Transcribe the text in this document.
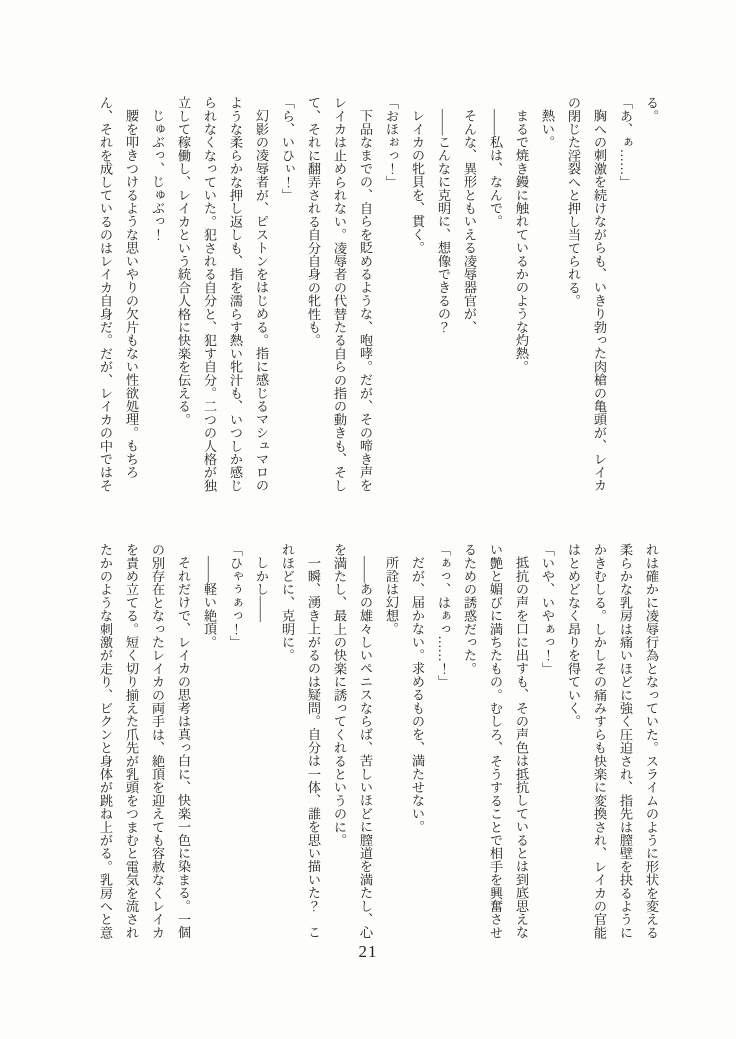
る。

「あ、ぁ……」

胸への刺激を続けながらも、いきり勃った肉槍の亀頭が、レイカ

の閉じた淫裂へと押し当てられる。

熱い。

まるで焼き鏝に触れているかのような灼熱。

――私は、なんで。

そんな、異形ともいえる凌辱器官が、

――こんなに克明に、想像できるの？

レイカの牝貝を、貫く。

「おほぉっ！」

下品なまでの、自らを貶めるような、咆哮。だが、その啼き声を

レイカは止められない。凌辱者の代替たる自らの指の動きも、そし

て、それに翻弄される自分自身の牝性も。

「ら、いひぃ！」

幻影の凌辱者が、ピストンをはじめる。指に感じるマシュマロの

ような柔らかな押し返しも、指を濡らす熱い牝汁も、いつしか感じ

られなくなっていた。犯される自分と、犯す自分。二つの人格が独

立して稼働し、レイカという統合人格に快楽を伝える。

じゅぶっ、じゅぶっ！

腰を叩きつけるような思いやりの欠片もない性欲処理。もちろ

ん、それを成しているのはレイカ自身だ。だが、レイカの中ではそ

れは確かに凌辱行為となっていた。スライムのように形状を変える

柔らかな乳房は痛いほどに強く圧迫され、指先は膣壁を抉るように

かきむしる。しかしその痛みすらも快楽に変換され、レイカの官能

はとめどなく昂りを得ていく。

「いや、いやぁっ！」

抵抗の声を口に出すも、その声色は抵抗しているとは到底思えな

い艶と媚びに満ちたもの。むしろ、そうすることで相手を興奮させ

るための誘惑だった。

「ぁっ、はぁっ……！」

だが、届かない。求めるものを、満たせない。

所詮は幻想。

――あの雄々しいペニスならば、苦しいほどに膣道を満たし、心

を満たし、最上の快楽に誘ってくれるというのに。

一瞬、湧き上がるのは疑問。自分は一体、誰を思い描いた？　こ

れほどに、克明に。

しかし――

「ひゃぅぁっ！」

――軽い絶頂。

それだけで、レイカの思考は真っ白に、快楽一色に染まる。一個

の別存在となったレイカの両手は、絶頂を迎えても容赦なくレイカ

を責め立てる。短く切り揃えた爪先が乳頭をつまむと電気を流され

たかのような刺激が走り、ビクンと身体が跳ね上がる。乳房へと意

21
